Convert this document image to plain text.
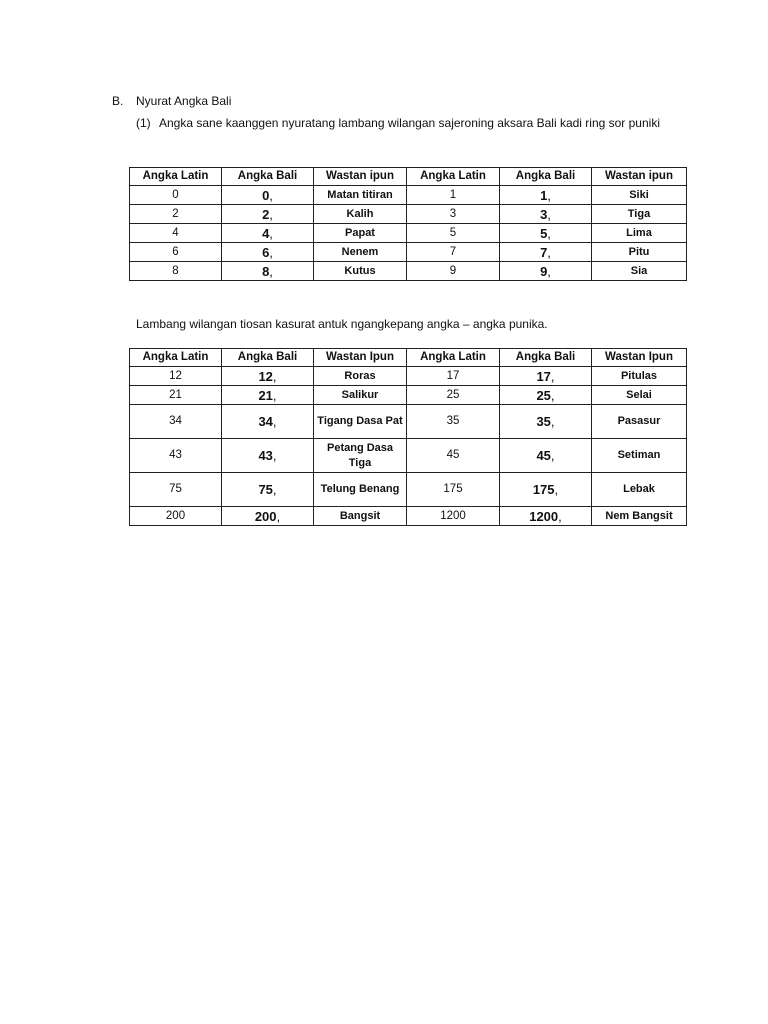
B. Nyurat Angka Bali
(1) Angka sane kaanggen nyuratang lambang wilangan sajeroning aksara Bali kadi ring sor puniki
Angka Latin	Angka Bali	Wastan ipun	Angka Latin	Angka Bali	Wastan ipun
0	0,	Matan titiran	1	1,	Siki
2	2,	Kalih	3	3,	Tiga
4	4,	Papat	5	5,	Lima
6	6,	Nenem	7	7,	Pitu
8	8,	Kutus	9	9,	Sia
Lambang wilangan tiosan kasurat antuk ngangkepang angka – angka punika.
Angka Latin	Angka Bali	Wastan Ipun	Angka Latin	Angka Bali	Wastan Ipun
12	12,	Roras	17	17,	Pitulas
21	21,	Salikur	25	25,	Selai
34	34,	Tigang Dasa Pat	35	35,	Pasasur
43	43,	Petang Dasa Tiga	45	45,	Setiman
75	75,	Telung Benang	175	175,	Lebak
200	200,	Bangsit	1200	1200,	Nem Bangsit
